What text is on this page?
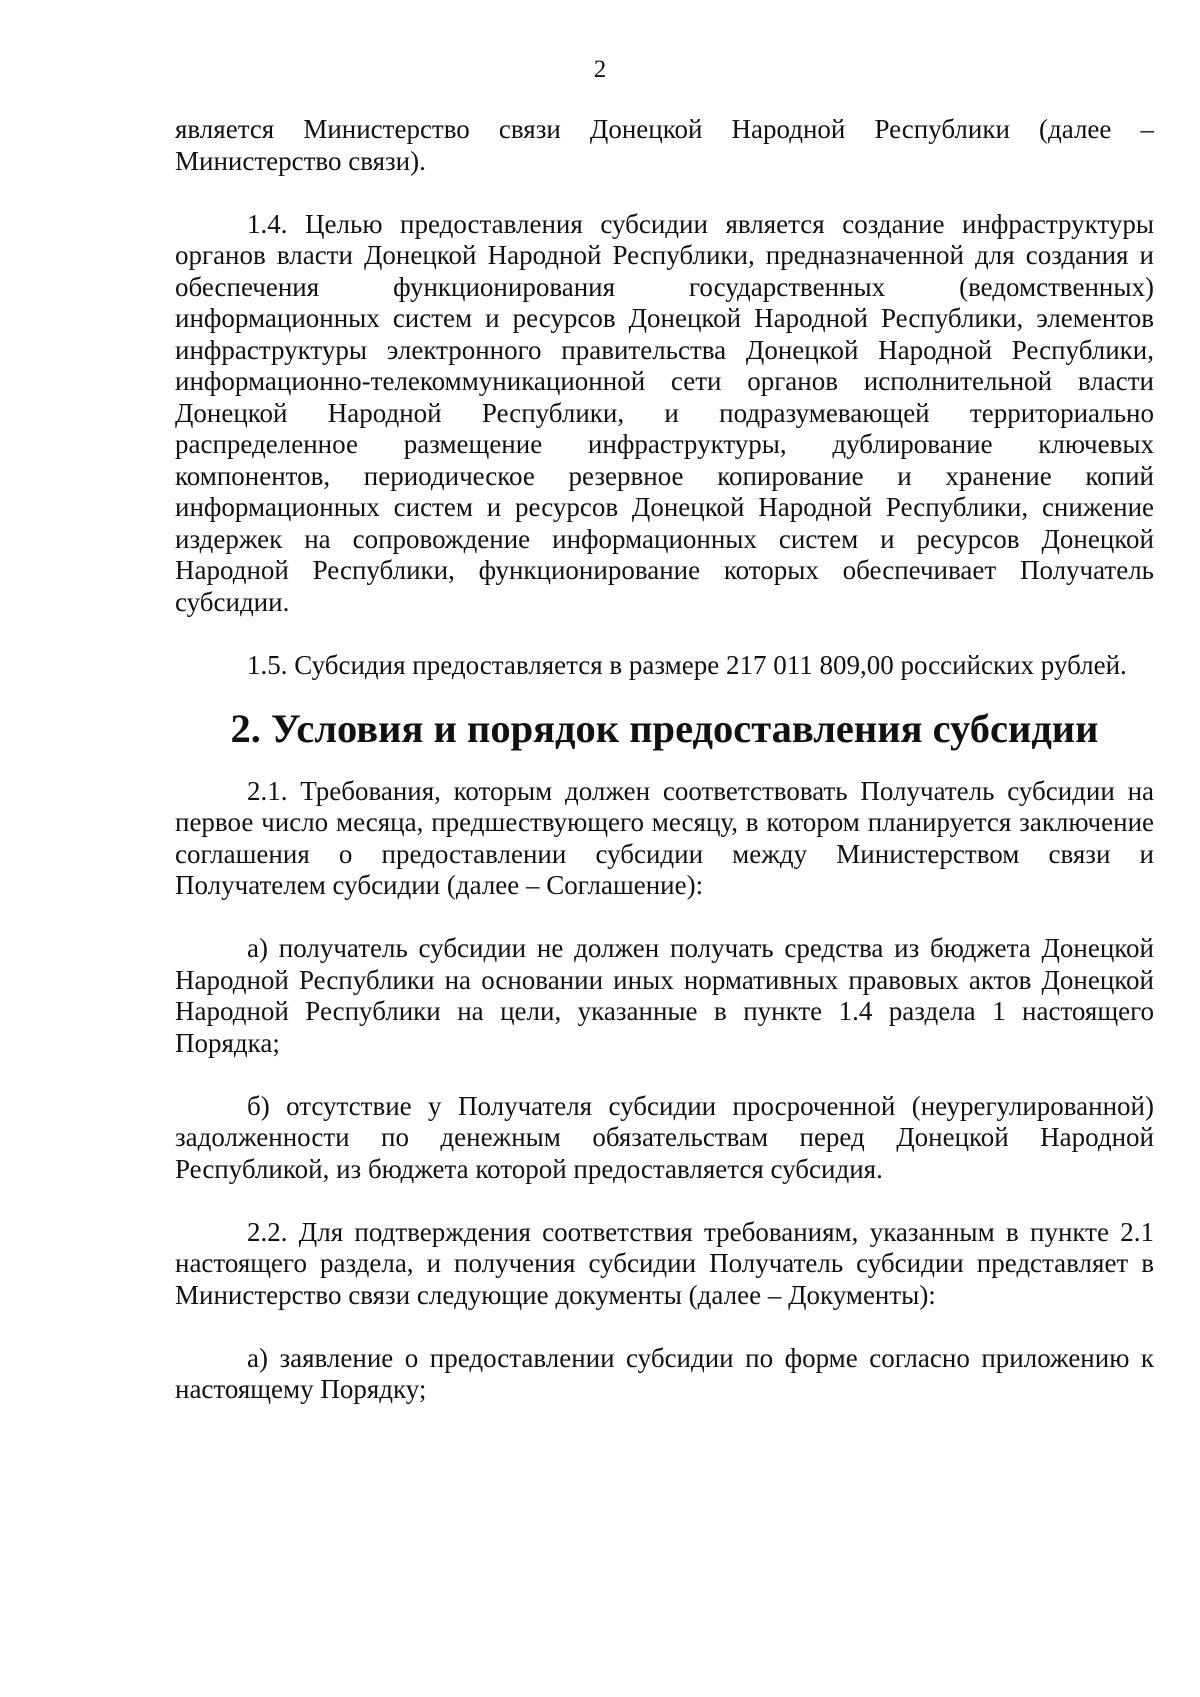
2

является Министерство связи Донецкой Народной Республики (далее – Министерство связи).

1.4. Целью предоставления субсидии является создание инфраструктуры органов власти Донецкой Народной Республики, предназначенной для создания и обеспечения функционирования государственных (ведомственных) информационных систем и ресурсов Донецкой Народной Республики, элементов инфраструктуры электронного правительства Донецкой Народной Республики, информационно-телекоммуникационной сети органов исполнительной власти Донецкой Народной Республики, и подразумевающей территориально распределенное размещение инфраструктуры, дублирование ключевых компонентов, периодическое резервное копирование и хранение копий информационных систем и ресурсов Донецкой Народной Республики, снижение издержек на сопровождение информационных систем и ресурсов Донецкой Народной Республики, функционирование которых обеспечивает Получатель субсидии.

1.5. Субсидия предоставляется в размере 217 011 809,00 российских рублей.

2. Условия и порядок предоставления субсидии

2.1. Требования, которым должен соответствовать Получатель субсидии на первое число месяца, предшествующего месяцу, в котором планируется заключение соглашения о предоставлении субсидии между Министерством связи и Получателем субсидии (далее – Соглашение):

а) получатель субсидии не должен получать средства из бюджета Донецкой Народной Республики на основании иных нормативных правовых актов Донецкой Народной Республики на цели, указанные в пункте 1.4 раздела 1 настоящего Порядка;

б) отсутствие у Получателя субсидии просроченной (неурегулированной) задолженности по денежным обязательствам перед Донецкой Народной Республикой, из бюджета которой предоставляется субсидия.

2.2. Для подтверждения соответствия требованиям, указанным в пункте 2.1 настоящего раздела, и получения субсидии Получатель субсидии представляет в Министерство связи следующие документы (далее – Документы):

а) заявление о предоставлении субсидии по форме согласно приложению к настоящему Порядку;
